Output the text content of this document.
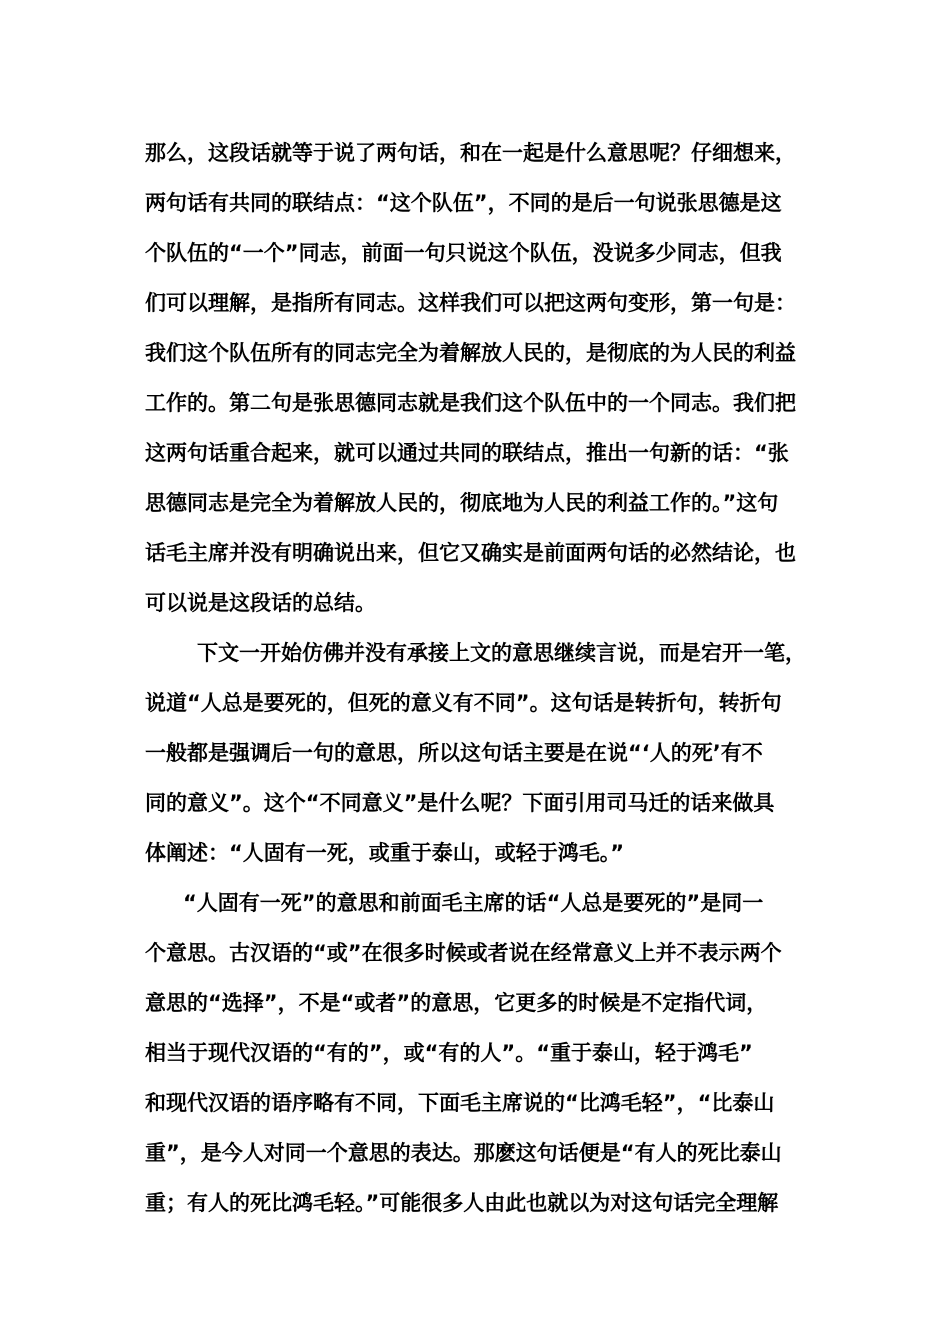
那么，这段话就等于说了两句话，和在一起是什么意思呢？仔细想来，
两句话有共同的联结点：“这个队伍”，不同的是后一句说张思德是这
个队伍的“一个”同志，前面一句只说这个队伍，没说多少同志，但我
们可以理解，是指所有同志。这样我们可以把这两句变形，第一句是：
我们这个队伍所有的同志完全为着解放人民的，是彻底的为人民的利益
工作的。第二句是张思德同志就是我们这个队伍中的一个同志。我们把
这两句话重合起来，就可以通过共同的联结点，推出一句新的话：“张
思德同志是完全为着解放人民的，彻底地为人民的利益工作的。”这句
话毛主席并没有明确说出来，但它又确实是前面两句话的必然结论，也
可以说是这段话的总结。
下文一开始仿佛并没有承接上文的意思继续言说，而是宕开一笔，
说道“人总是要死的，但死的意义有不同”。这句话是转折句，转折句
一般都是强调后一句的意思，所以这句话主要是在说“‘人的死’有不
同的意义”。这个“不同意义”是什么呢？下面引用司马迁的话来做具
体阐述：“人固有一死，或重于泰山，或轻于鸿毛。”
“人固有一死”的意思和前面毛主席的话“人总是要死的”是同一
个意思。古汉语的“或”在很多时候或者说在经常意义上并不表示两个
意思的“选择”，不是“或者”的意思，它更多的时候是不定指代词，
相当于现代汉语的“有的”，或“有的人”。“重于泰山，轻于鸿毛”
和现代汉语的语序略有不同，下面毛主席说的“比鸿毛轻”，“比泰山
重”，是今人对同一个意思的表达。那麽这句话便是“有人的死比泰山
重；有人的死比鸿毛轻。”可能很多人由此也就以为对这句话完全理解
